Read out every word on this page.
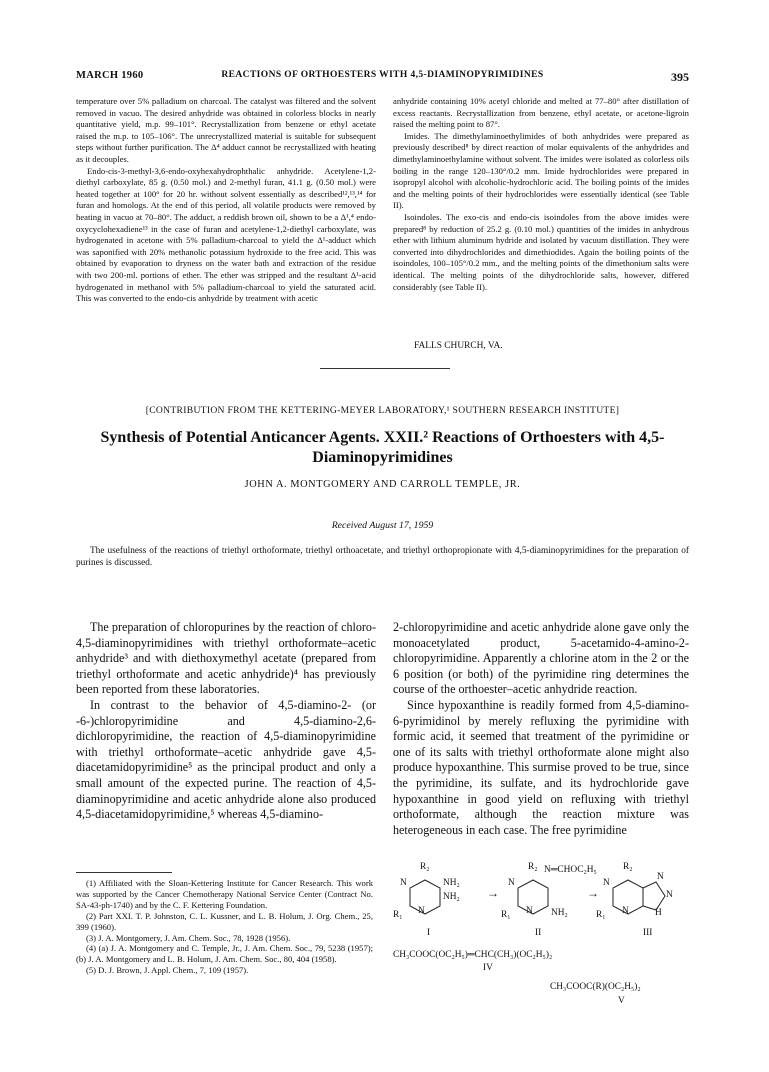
MARCH 1960	REACTIONS OF ORTHOESTERS WITH 4,5-DIAMINOPYRIMIDINES	395

temperature over 5% palladium on charcoal. The catalyst was filtered and the solvent removed in vacuo. The desired anhydride was obtained in colorless blocks in nearly quantitative yield, m.p. 99–101°. Recrystallization from benzene or ethyl acetate raised the m.p. to 105–106°. The unrecrystallized material is suitable for subsequent steps without further purification. The Δ⁴ adduct cannot be recrystallized with heating as it decouples.

Endo-cis-3-methyl-3,6-endo-oxyhexahydrophthalic anhydride. Acetylene-1,2-diethyl carboxylate, 85 g. (0.50 mol.) and 2-methyl furan, 41.1 g. (0.50 mol.) were heated together at 100° for 20 hr. without solvent essentially as described¹²,¹³,¹⁴ for furan and homologs. At the end of this period, all volatile products were removed by heating in vacuo at 70–80°. The adduct, a reddish brown oil, shown to be a Δ¹,⁴ endo-oxycyclohexadiene¹³ in the case of furan and acetylene-1,2-diethyl carboxylate, was hydrogenated in acetone with 5% palladium-charcoal to yield the Δ¹-adduct which was saponified with 20% methanolic potassium hydroxide to the free acid. This was obtained by evaporation to dryness on the water bath and extraction of the residue with two 200-ml. portions of ether. The ether was stripped and the resultant Δ¹-acid hydrogenated in methanol with 5% palladium-charcoal to yield the saturated acid. This was converted to the endo-cis anhydride by treatment with acetic

anhydride containing 10% acetyl chloride and melted at 77–80° after distillation of excess reactants. Recrystallization from benzene, ethyl acetate, or acetone-ligroin raised the melting point to 87°.

Imides. The dimethylaminoethylimides of both anhydrides were prepared as previously described⁸ by direct reaction of molar equivalents of the anhydrides and dimethylaminoethylamine without solvent. The imides were isolated as colorless oils boiling in the range 120–130°/0.2 mm. Imide hydrochlorides were prepared in isopropyl alcohol with alcoholic-hydrochloric acid. The boiling points of the imides and the melting points of their hydrochlorides were essentially identical (see Table II).

Isoindoles. The exo-cis and endo-cis isoindoles from the above imides were prepared⁸ by reduction of 25.2 g. (0.10 mol.) quantities of the imides in anhydrous ether with lithium aluminum hydride and isolated by vacuum distillation. They were converted into dihydrochlorides and dimethiodides. Again the boiling points of the isoindoles, 100–105°/0.2 mm., and the melting points of the dimethonium salts were identical. The melting points of the dihydrochloride salts, however, differed considerably (see Table II).

FALLS CHURCH, VA.
[CONTRIBUTION FROM THE KETTERING-MEYER LABORATORY,¹ SOUTHERN RESEARCH INSTITUTE]
Synthesis of Potential Anticancer Agents. XXII.² Reactions of Orthoesters with 4,5-Diaminopyrimidines
JOHN A. MONTGOMERY AND CARROLL TEMPLE, JR.
Received August 17, 1959
The usefulness of the reactions of triethyl orthoformate, triethyl orthoacetate, and triethyl orthopropionate with 4,5-diaminopyrimidines for the preparation of purines is discussed.

The preparation of chloropurines by the reaction of chloro-4,5-diaminopyrimidines with triethyl orthoformate–acetic anhydride³ and with diethoxymethyl acetate (prepared from triethyl orthoformate and acetic anhydride)⁴ has previously been reported from these laboratories.

In contrast to the behavior of 4,5-diamino-2- (or -6-)chloropyrimidine and 4,5-diamino-2,6-dichloropyrimidine, the reaction of 4,5-diaminopyrimidine with triethyl orthoformate–acetic anhydride gave 4,5-diacetamidopyrimidine⁵ as the principal product and only a small amount of the expected purine. The reaction of 4,5-diaminopyrimidine and acetic anhydride alone also produced 4,5-diacetamidopyrimidine,⁵ whereas 4,5-diamino-

2-chloropyrimidine and acetic anhydride alone gave only the monoacetylated product, 5-acetamido-4-amino-2-chloropyrimidine. Apparently a chlorine atom in the 2 or the 6 position (or both) of the pyrimidine ring determines the course of the orthoester–acetic anhydride reaction.

Since hypoxanthine is readily formed from 4,5-diamino-6-pyrimidinol by merely refluxing the pyrimidine with formic acid, it seemed that treatment of the pyrimidine or one of its salts with triethyl orthoformate alone might also produce hypoxanthine. This surmise proved to be true, since the pyrimidine, its sulfate, and its hydrochloride gave hypoxanthine in good yield on refluxing with triethyl orthoformate, although the reaction mixture was heterogeneous in each case. The free pyrimidine

(1) Affiliated with the Sloan-Kettering Institute for Cancer Research. This work was supported by the Cancer Chemotherapy National Service Center (Contract No. SA-43-ph-1740) and by the C. F. Kettering Foundation.

(2) Part XXI. T. P. Johnston, C. L. Kussner, and L. B. Holum, J. Org. Chem., 25, 399 (1960).

(3) J. A. Montgomery, J. Am. Chem. Soc., 78, 1928 (1956).

(4) (a) J. A. Montgomery and C. Temple, Jr., J. Am. Chem. Soc., 79, 5238 (1957); (b) J. A. Montgomery and L. B. Holum, J. Am. Chem. Soc., 80, 404 (1958).

(5) D. J. Brown, J. Appl. Chem., 7, 109 (1957).

R₂
N	NH₂
NH₂
R₁ N
I
→
R₂ N═CHOC₂H₅
N
R₁ N NH₂
II
→
R₂
N
N
N
R₁ N	H
III
CH₃COOC(OC₂H₅)═CHC(CH₃)(OC₂H₅)₂
IV
CH₃COOC(R)(OC₂H₅)₂
V
